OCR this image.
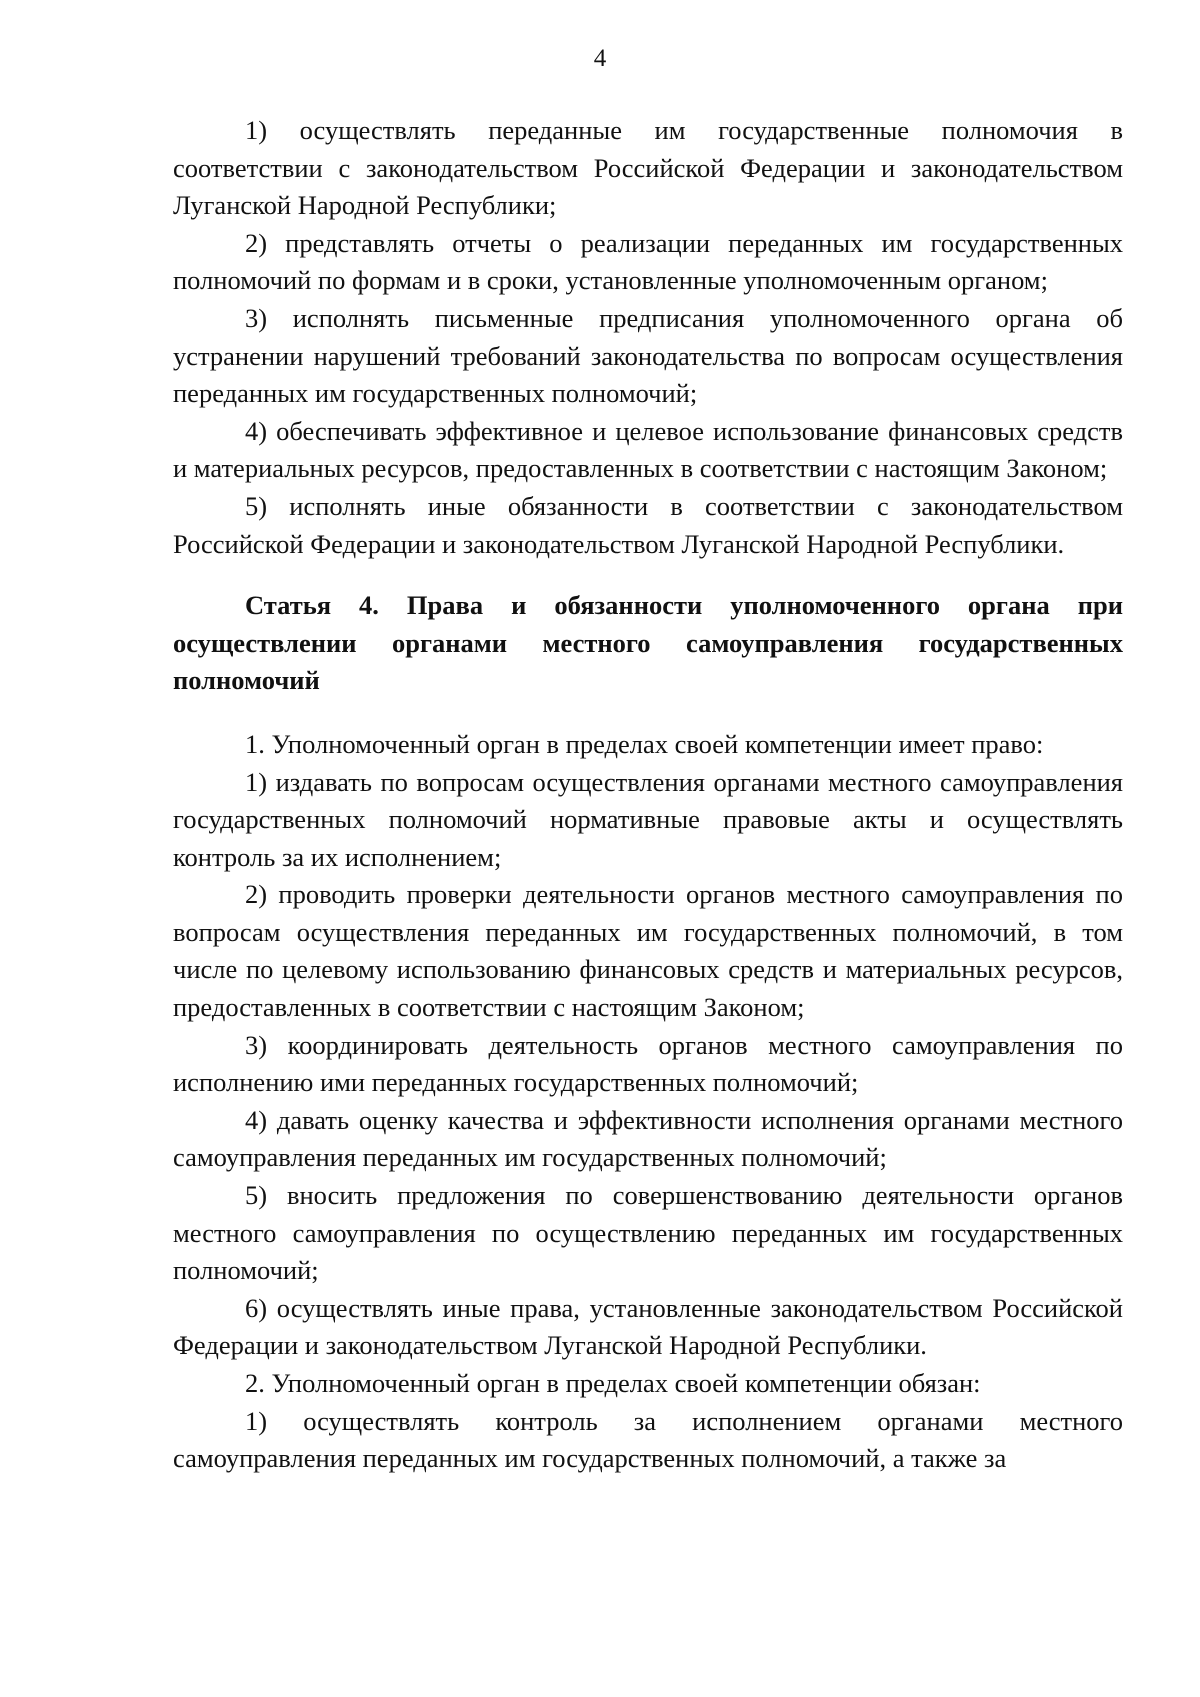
4

1) осуществлять переданные им государственные полномочия в соответствии с законодательством Российской Федерации и законодательством Луганской Народной Республики;

2) представлять отчеты о реализации переданных им государственных полномочий по формам и в сроки, установленные уполномоченным органом;

3) исполнять письменные предписания уполномоченного органа об устранении нарушений требований законодательства по вопросам осуществления переданных им государственных полномочий;

4) обеспечивать эффективное и целевое использование финансовых средств и материальных ресурсов, предоставленных в соответствии с настоящим Законом;

5) исполнять иные обязанности в соответствии с законодательством Российской Федерации и законодательством Луганской Народной Республики.

Статья 4. Права и обязанности уполномоченного органа при осуществлении органами местного самоуправления государственных полномочий

1. Уполномоченный орган в пределах своей компетенции имеет право:

1) издавать по вопросам осуществления органами местного самоуправления государственных полномочий нормативные правовые акты и осуществлять контроль за их исполнением;

2) проводить проверки деятельности органов местного самоуправления по вопросам осуществления переданных им государственных полномочий, в том числе по целевому использованию финансовых средств и материальных ресурсов, предоставленных в соответствии с настоящим Законом;

3) координировать деятельность органов местного самоуправления по исполнению ими переданных государственных полномочий;

4) давать оценку качества и эффективности исполнения органами местного самоуправления переданных им государственных полномочий;

5) вносить предложения по совершенствованию деятельности органов местного самоуправления по осуществлению переданных им государственных полномочий;

6) осуществлять иные права, установленные законодательством Российской Федерации и законодательством Луганской Народной Республики.

2. Уполномоченный орган в пределах своей компетенции обязан:

1) осуществлять контроль за исполнением органами местного самоуправления переданных им государственных полномочий, а также за
